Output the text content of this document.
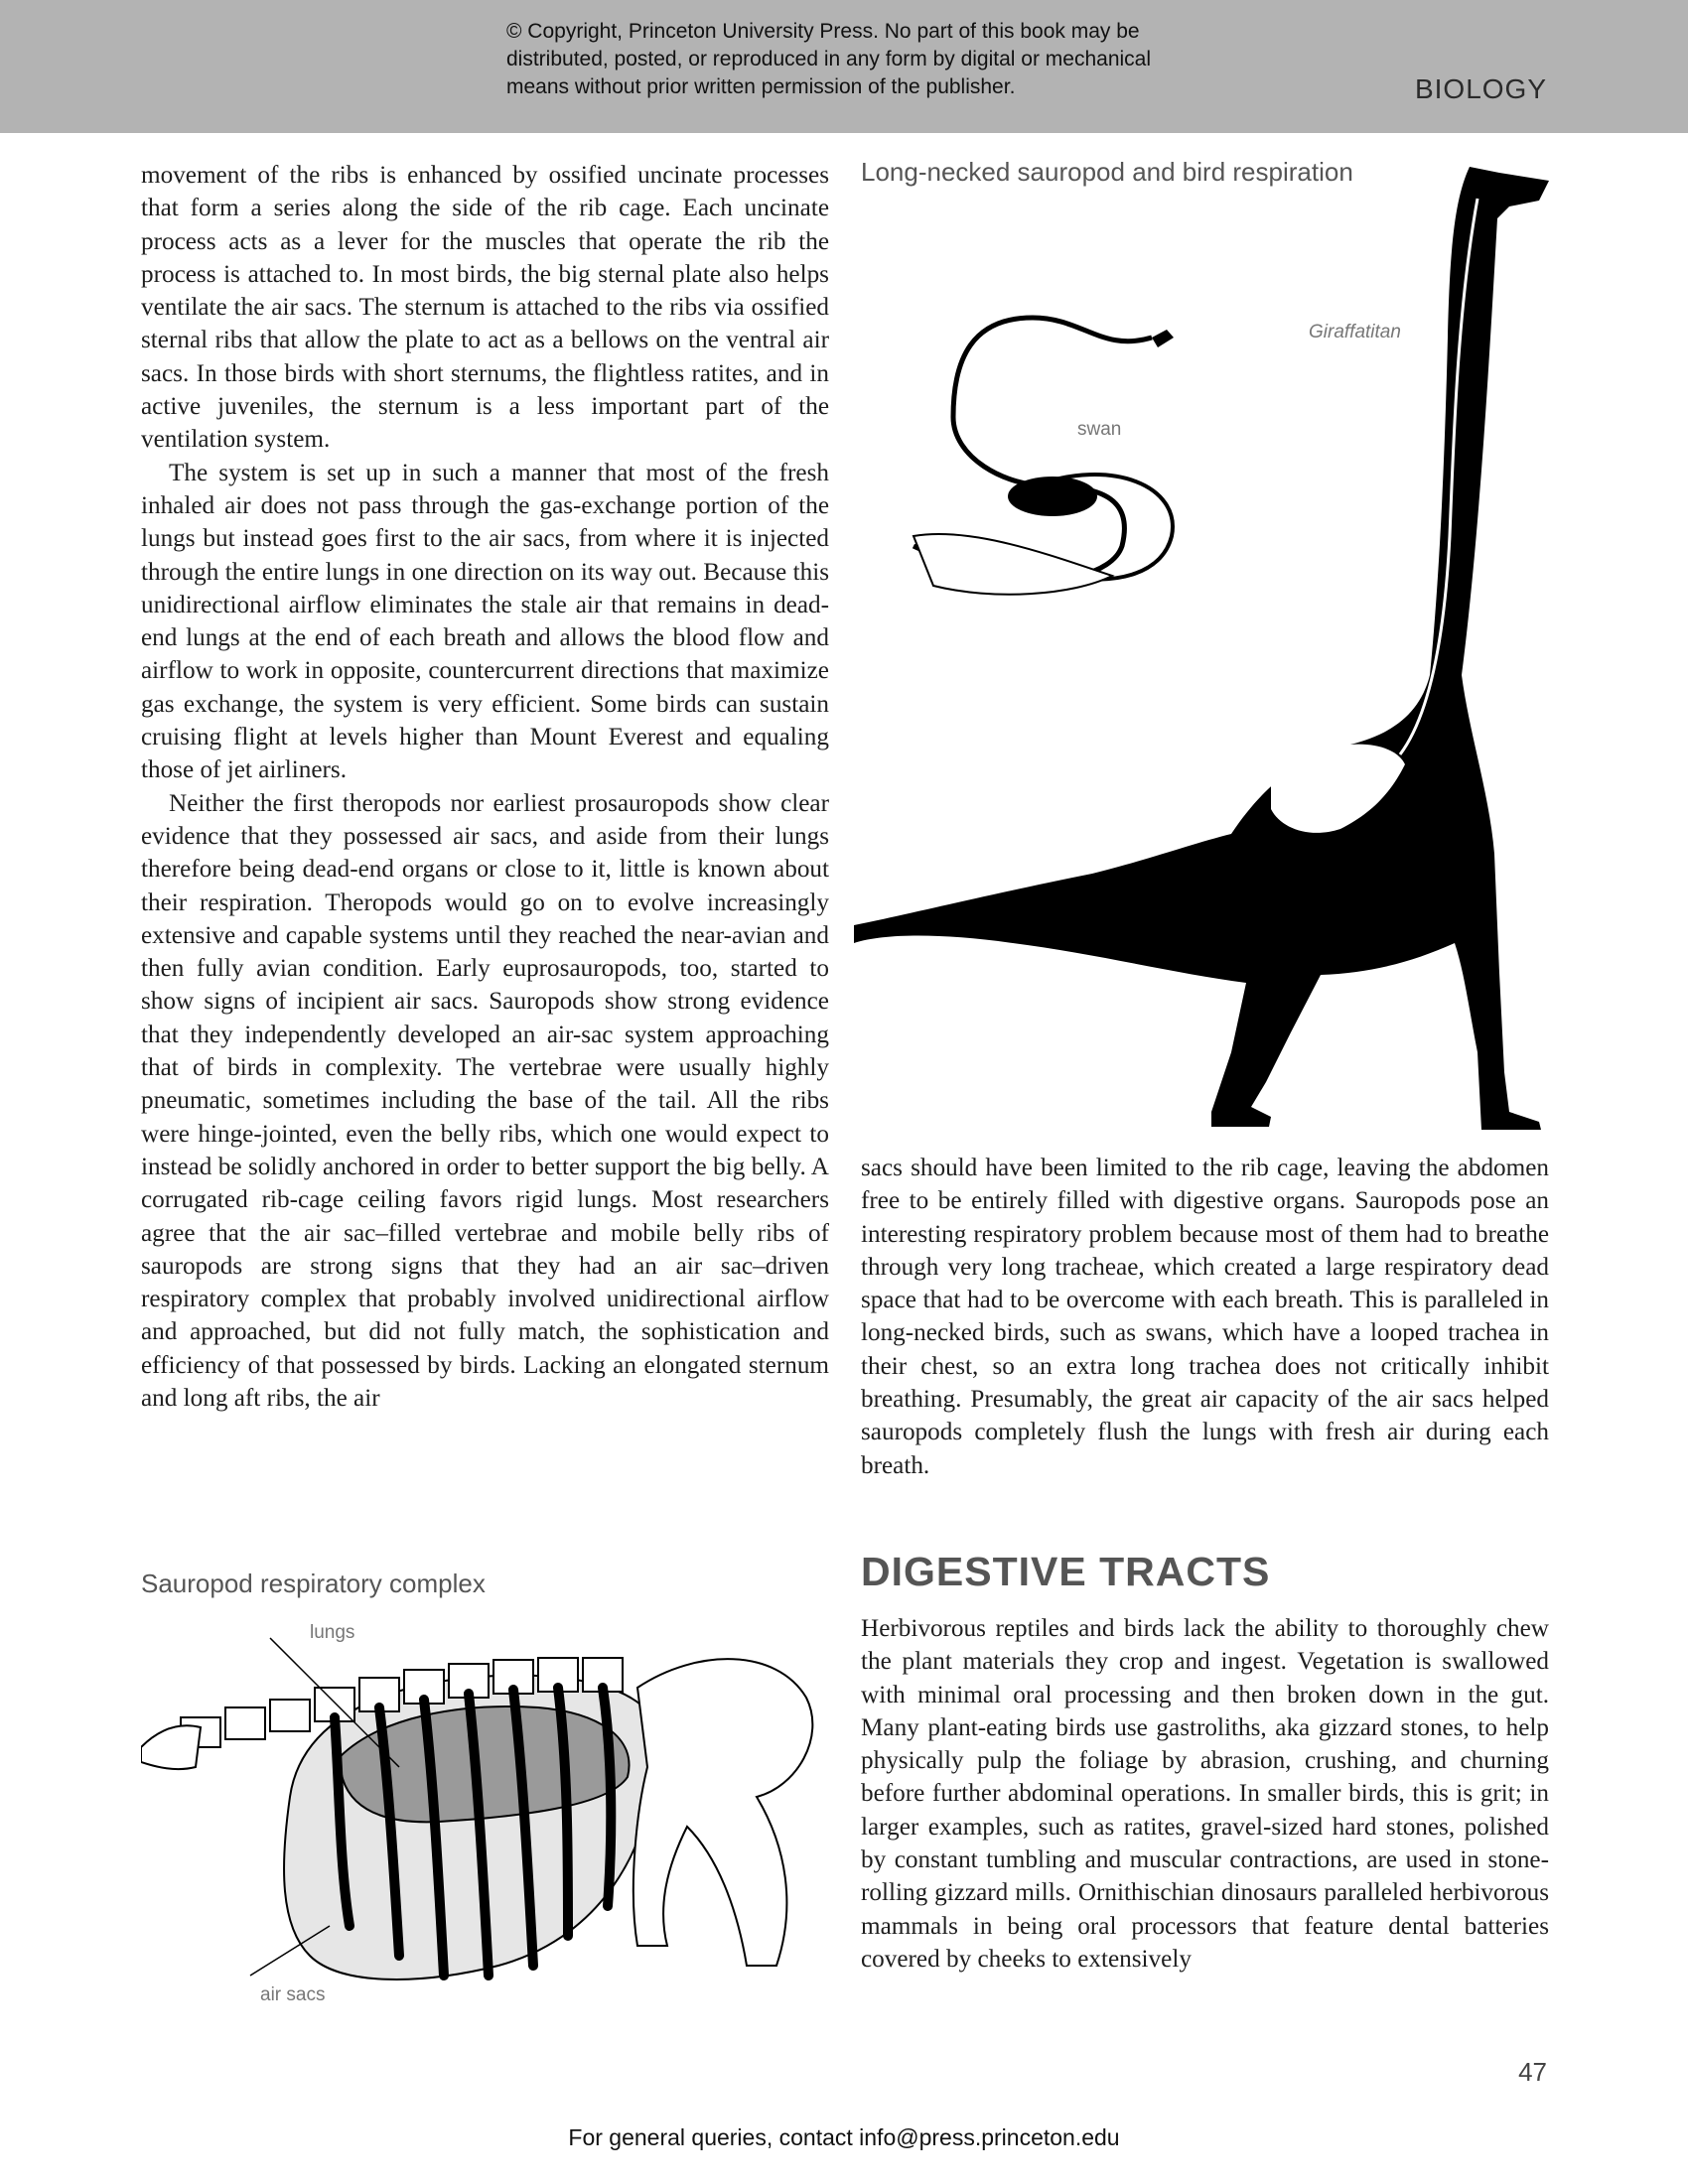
© Copyright, Princeton University Press. No part of this book may be
distributed, posted, or reproduced in any form by digital or mechanical
means without prior written permission of the publisher.	BIOLOGY

movement of the ribs is enhanced by ossified uncinate processes that form a series along the side of the rib cage. Each uncinate process acts as a lever for the muscles that operate the rib the process is attached to. In most birds, the big sternal plate also helps ventilate the air sacs. The sternum is attached to the ribs via ossified sternal ribs that allow the plate to act as a bellows on the ventral air sacs. In those birds with short sternums, the flightless ratites, and in active juveniles, the sternum is a less important part of the ventilation system.

The system is set up in such a manner that most of the fresh inhaled air does not pass through the gas-exchange portion of the lungs but instead goes first to the air sacs, from where it is injected through the entire lungs in one direction on its way out. Because this unidirectional airflow eliminates the stale air that remains in dead-end lungs at the end of each breath and allows the blood flow and airflow to work in opposite, countercurrent directions that maximize gas exchange, the system is very efficient. Some birds can sustain cruising flight at levels higher than Mount Everest and equaling those of jet airliners.

Neither the first theropods nor earliest prosauropods show clear evidence that they possessed air sacs, and aside from their lungs therefore being dead-end organs or close to it, little is known about their respiration. Theropods would go on to evolve increasingly extensive and capable systems until they reached the near-avian and then fully avian condition. Early euprosauropods, too, started to show signs of incipient air sacs. Sauropods show strong evidence that they independently developed an air-sac system approaching that of birds in complexity. The vertebrae were usually highly pneumatic, sometimes including the base of the tail. All the ribs were hinge-jointed, even the belly ribs, which one would expect to instead be solidly anchored in order to better support the big belly. A corrugated rib-cage ceiling favors rigid lungs. Most researchers agree that the air sac–filled vertebrae and mobile belly ribs of sauropods are strong signs that they had an air sac–driven respiratory complex that probably involved unidirectional airflow and approached, but did not fully match, the sophistication and efficiency of that possessed by birds. Lacking an elongated sternum and long aft ribs, the air

Long-necked sauropod and bird respiration
Giraffatitan
swan

sacs should have been limited to the rib cage, leaving the abdomen free to be entirely filled with digestive organs. Sauropods pose an interesting respiratory problem because most of them had to breathe through very long tracheae, which created a large respiratory dead space that had to be overcome with each breath. This is paralleled in long-necked birds, such as swans, which have a looped trachea in their chest, so an extra long trachea does not critically inhibit breathing. Presumably, the great air capacity of the air sacs helped sauropods completely flush the lungs with fresh air during each breath.

DIGESTIVE TRACTS

Herbivorous reptiles and birds lack the ability to thoroughly chew the plant materials they crop and ingest. Vegetation is swallowed with minimal oral processing and then broken down in the gut. Many plant-eating birds use gastroliths, aka gizzard stones, to help physically pulp the foliage by abrasion, crushing, and churning before further abdominal operations. In smaller birds, this is grit; in larger examples, such as ratites, gravel-sized hard stones, polished by constant tumbling and muscular contractions, are used in stone-rolling gizzard mills. Ornithischian dinosaurs paralleled herbivorous mammals in being oral processors that feature dental batteries covered by cheeks to extensively

Sauropod respiratory complex
lungs
air sacs
47
For general queries, contact info@press.princeton.edu
